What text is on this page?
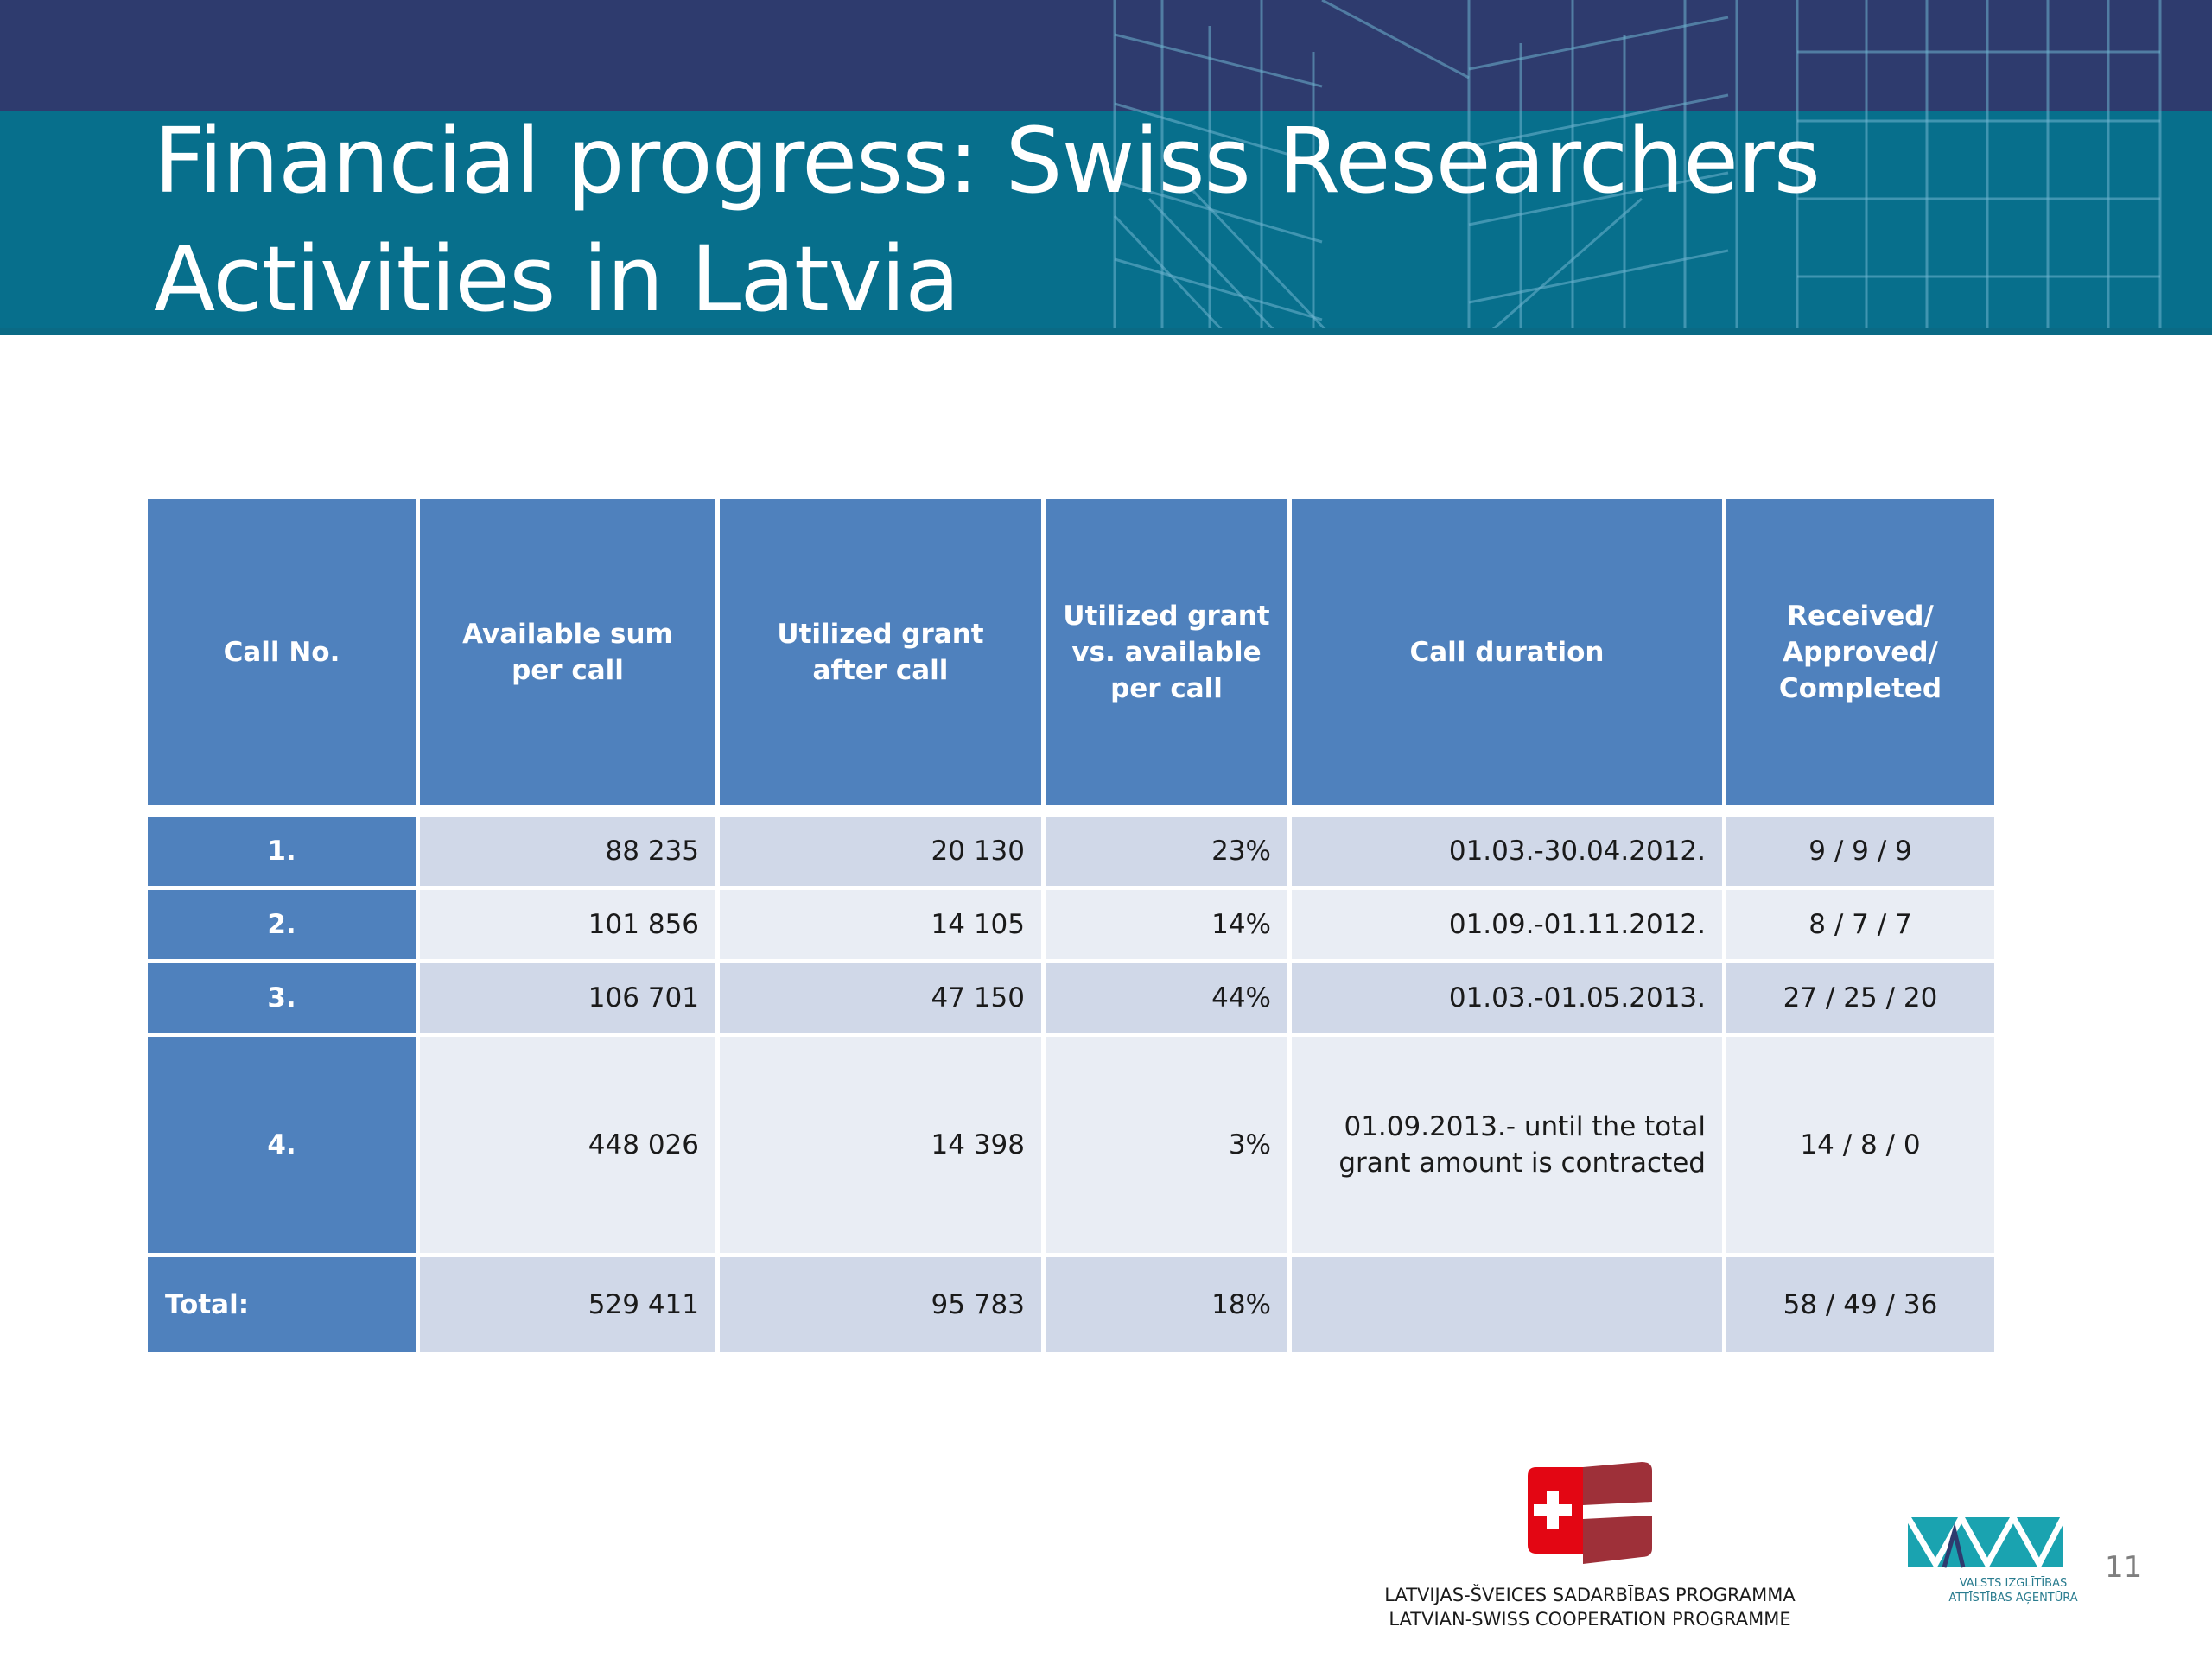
Financial progress: Swiss Researchers Activities in Latvia
Call No.	Available sum per call	Utilized grant after call	Utilized grant vs. available per call	Call duration	Received/ Approved/ Completed

1.	88 235	20 130	23%	01.03.-30.04.2012.	9 / 9 / 9
2.	101 856	14 105	14%	01.09.-01.11.2012.	8 / 7 / 7
3.	106 701	47 150	44%	01.03.-01.05.2013.	27 / 25 / 20
4.	448 026	14 398	3%	01.09.2013.- until the total grant amount is contracted	14 / 8 / 0
Total:	529 411	95 783	18%		58 / 49 / 36
LATVIJAS-ŠVEICES SADARBĪBAS PROGRAMMA
LATVIAN-SWISS COOPERATION PROGRAMME
VALSTS IZGLĪTĪBAS
ATTĪSTĪBAS AĢENTŪRA
11
